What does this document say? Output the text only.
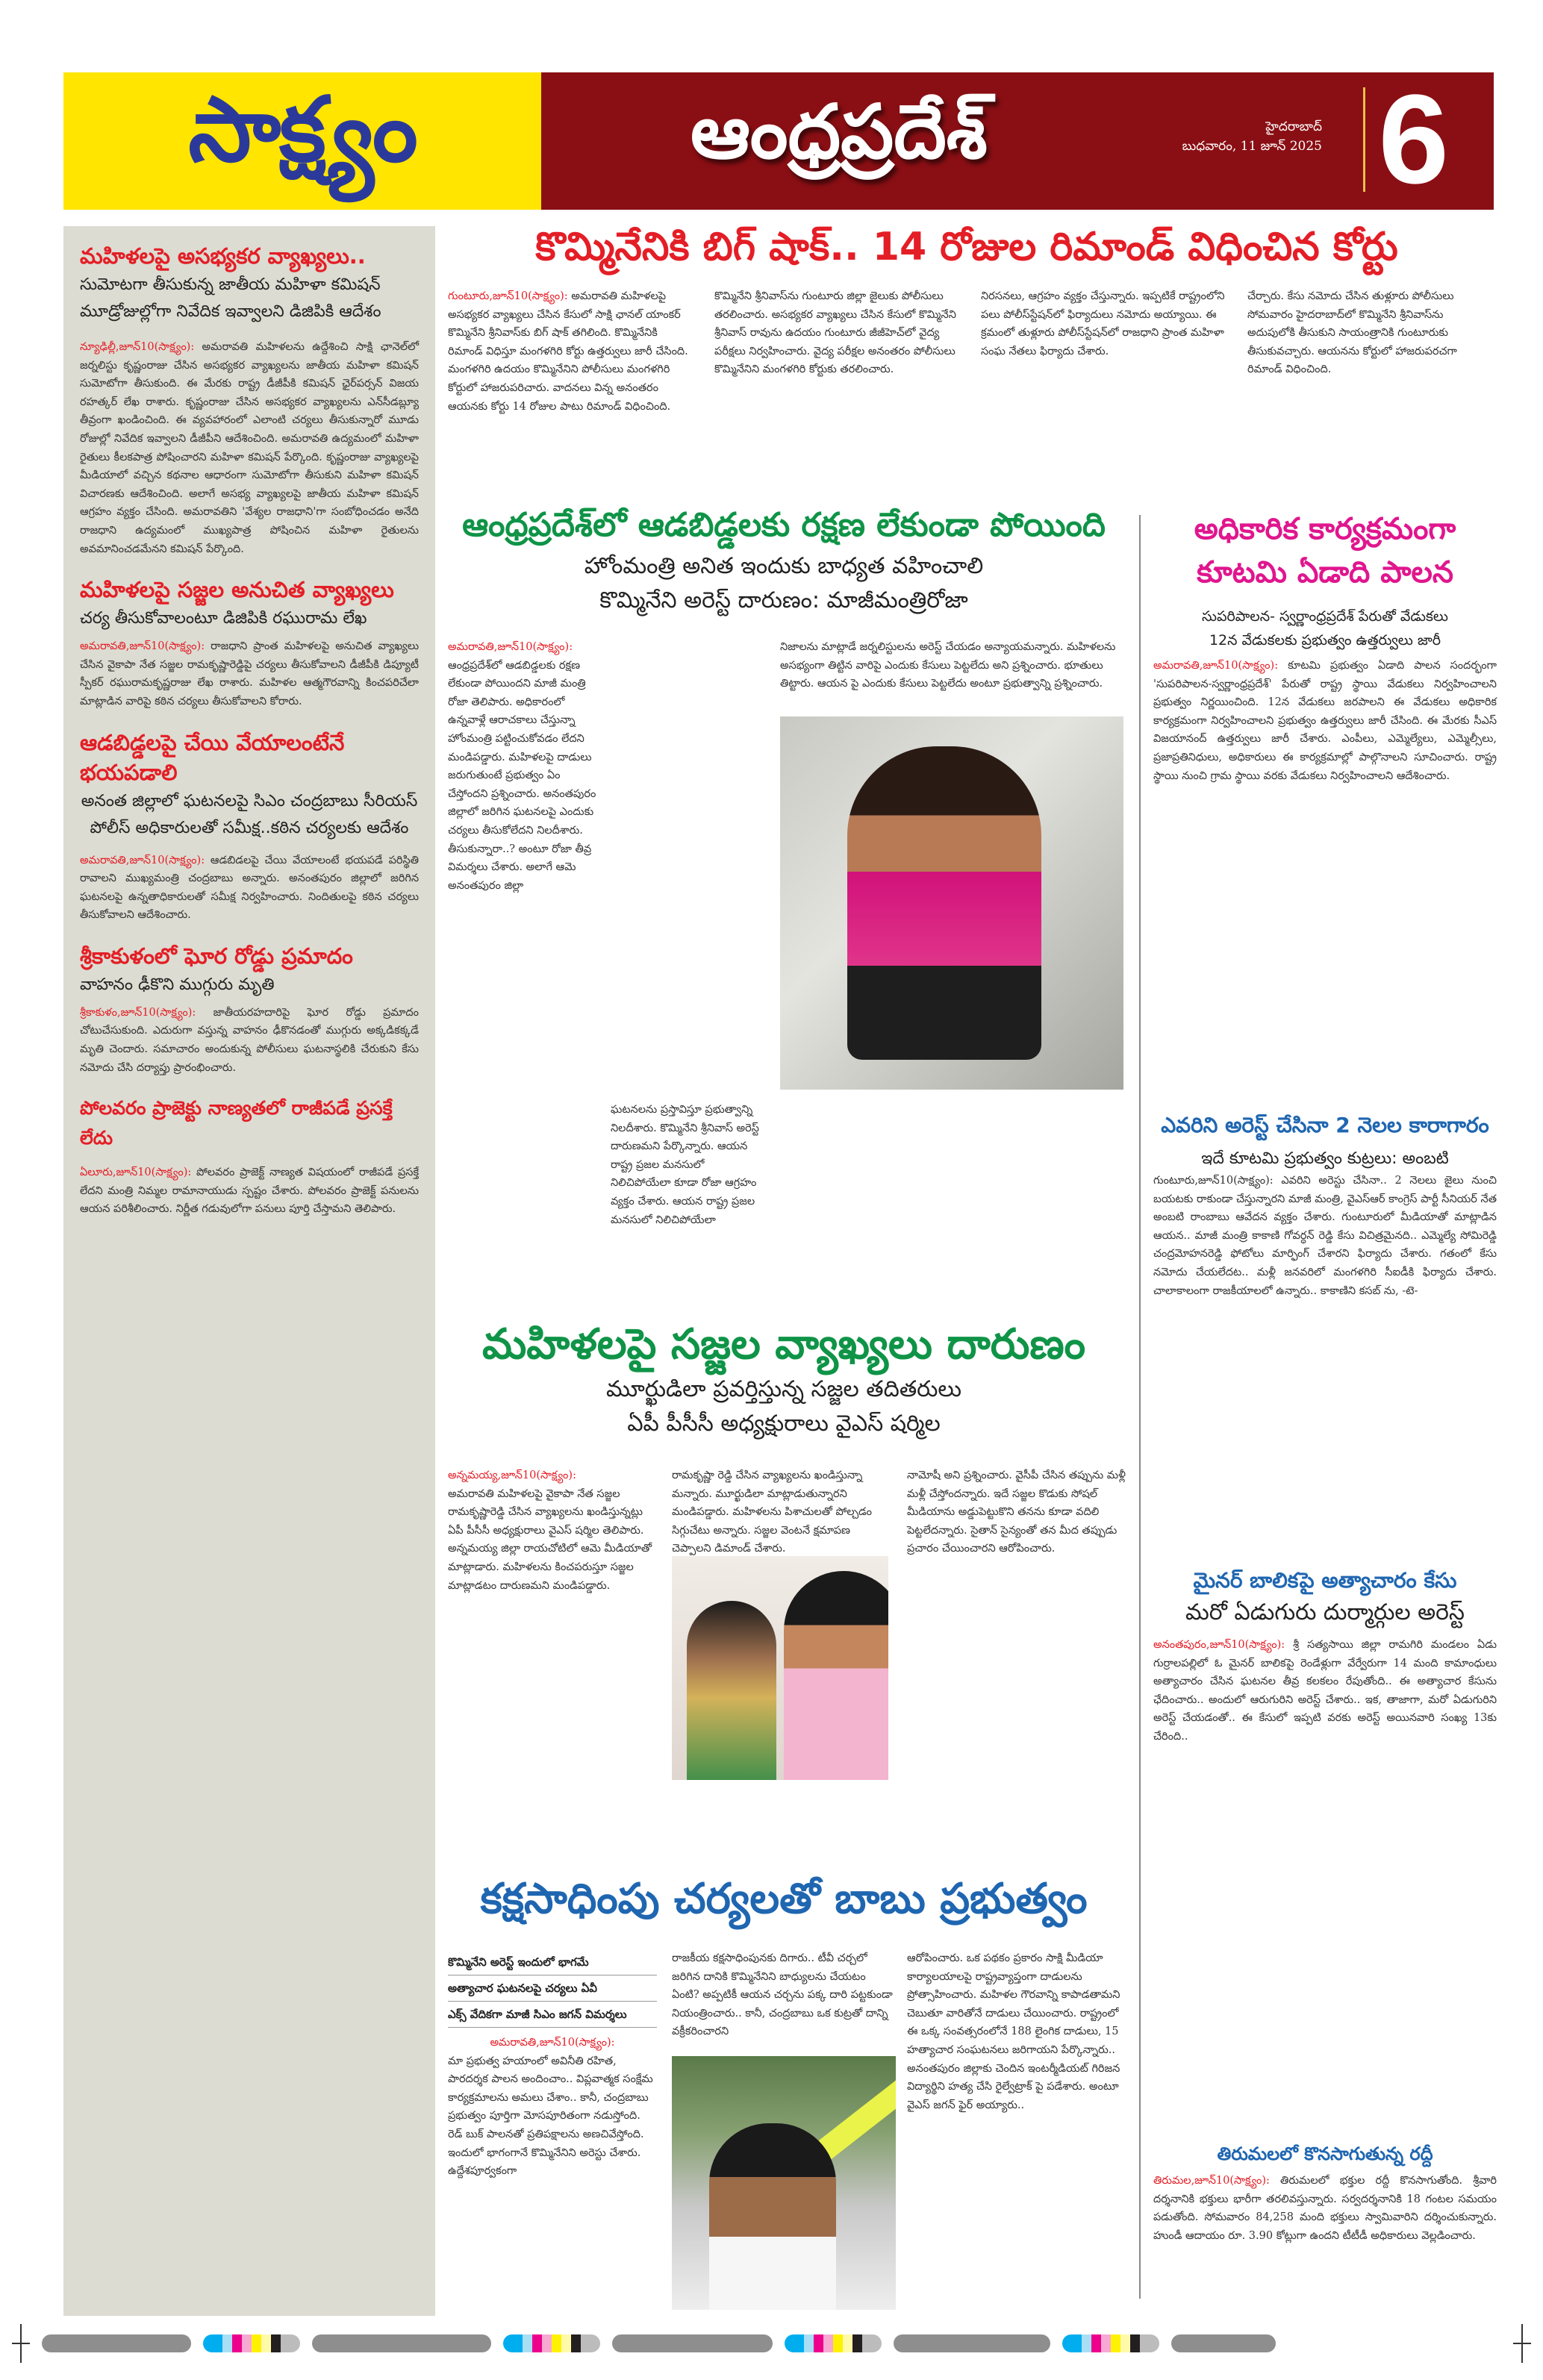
సాక్ష్యం	ఆంధ్రప్రదేశ్	హైదరాబాద్
బుధవారం, 11 జూన్ 2025 6
మహిళలపై అసభ్యకర వ్యాఖ్యలు..
సుమోటగా తీసుకున్న జాతీయ మహిళా కమిషన్
మూడ్రోజుల్లోగా నివేదిక ఇవ్వాలని డిజిపికి ఆదేశం

న్యూఢిల్లీ,జూన్10(సాక్ష్యం): అమరావతి మహిళలను ఉద్దేశించి సాక్షి ఛానెల్‌లో జర్నలిస్టు కృష్ణంరాజు చేసిన అసభ్యకర వ్యాఖ్యలను జాతీయ మహిళా కమిషన్ సుమోటోగా తీసుకుంది. ఈ మేరకు రాష్ట్ర డీజీపీకి కమిషన్ ఛైర్‌పర్సన్ విజయ రహత్కర్ లేఖ రాశారు. కృష్ణంరాజు చేసిన అసభ్యకర వ్యాఖ్యలను ఎన్‌సీడబ్ల్యూ తీవ్రంగా ఖండించింది. ఈ వ్యవహారంలో ఎలాంటి చర్యలు తీసుకున్నారో మూడు రోజుల్లో నివేదిక ఇవ్వాలని డీజీపీని ఆదేశించింది. అమరావతి ఉద్యమంలో మహిళా రైతులు కీలకపాత్ర పోషించారని మహిళా కమిషన్ పేర్కొంది. కృష్ణంరాజు వ్యాఖ్యలపై మీడియాలో వచ్చిన కథనాల ఆధారంగా సుమోటోగా తీసుకుని మహిళా కమిషన్ విచారణకు ఆదేశించింది. అలాగే అసభ్య వ్యాఖ్యలపై జాతీయ మహిళా కమిషన్ ఆగ్రహం వ్యక్తం చేసింది. అమరావతిని 'వేశ్యల రాజధాని'గా సంబోధించడం అనేది రాజధాని ఉద్యమంలో ముఖ్యపాత్ర పోషించిన మహిళా రైతులను అవమానించడమేనని కమిషన్ పేర్కొంది.

మహిళలపై సజ్జల అనుచిత వ్యాఖ్యలు
చర్య తీసుకోవాలంటూ డిజిపికి రఘురామ లేఖ

అమరావతి,జూన్10(సాక్ష్యం): రాజధాని ప్రాంత మహిళలపై అనుచిత వ్యాఖ్యలు చేసిన వైకాపా నేత సజ్జల రామకృష్ణారెడ్డిపై చర్యలు తీసుకోవాలని డీజీపీకి డిప్యూటీ స్పీకర్ రఘురామకృష్ణరాజు లేఖ రాశారు. మహిళల ఆత్మగౌరవాన్ని కించపరిచేలా మాట్లాడిన వారిపై కఠిన చర్యలు తీసుకోవాలని కోరారు.

ఆడబిడ్డలపై చేయి వేయాలంటేనే భయపడాలి
అనంత జిల్లాలో ఘటనలపై సిఎం చంద్రబాబు సీరియస్
పోలీస్ అధికారులతో సమీక్ష..కఠిన చర్యలకు ఆదేశం

అమరావతి,జూన్10(సాక్ష్యం): ఆడబిడలపై చేయి వేయాలంటే భయపడే పరిస్థితి రావాలని ముఖ్యమంత్రి చంద్రబాబు అన్నారు. అనంతపురం జిల్లాలో జరిగిన ఘటనలపై ఉన్నతాధికారులతో సమీక్ష నిర్వహించారు. నిందితులపై కఠిన చర్యలు తీసుకోవాలని ఆదేశించారు.

శ్రీకాకుళంలో ఘోర రోడ్డు ప్రమాదం
వాహనం ఢీకొని ముగ్గురు మృతి

శ్రీకాకుళం,జూన్10(సాక్ష్యం): జాతీయరహదారిపై ఘోర రోడ్డు ప్రమాదం చోటుచేసుకుంది. ఎదురుగా వస్తున్న వాహనం ఢీకొనడంతో ముగ్గురు అక్కడికక్కడే మృతి చెందారు. సమాచారం అందుకున్న పోలీసులు ఘటనాస్థలికి చేరుకుని కేసు నమోదు చేసి దర్యాప్తు ప్రారంభించారు.

పోలవరం ప్రాజెక్టు నాణ్యతలో రాజీపడే ప్రసక్తే లేదు

ఏలూరు,జూన్10(సాక్ష్యం): పోలవరం ప్రాజెక్ట్ నాణ్యత విషయంలో రాజీపడే ప్రసక్తే లేదని మంత్రి నిమ్మల రామానాయుడు స్పష్టం చేశారు. పోలవరం ప్రాజెక్ట్ పనులను ఆయన పరిశీలించారు. నిర్ణీత గడువులోగా పనులు పూర్తి చేస్తామని తెలిపారు.

కొమ్మినేనికి బిగ్ షాక్.. 14 రోజుల రిమాండ్ విధించిన కోర్టు

గుంటూరు,జూన్10(సాక్ష్యం): అమరావతి మహిళలపై అసభ్యకర వ్యాఖ్యలు చేసిన కేసులో సాక్షి ఛానల్ యాంకర్ కొమ్మినేని శ్రీనివాస్‌కు బిగ్ షాక్ తగిలింది. కొమ్మినేనికి రిమాండ్ విధిస్తూ మంగళగిరి కోర్టు ఉత్తర్వులు జారీ చేసింది. మంగళగిరి ఉదయం కొమ్మినేనిని పోలీసులు మంగళగిరి కోర్టులో హాజరుపరిచారు. వాదనలు విన్న అనంతరం ఆయనకు కోర్టు 14 రోజుల పాటు రిమాండ్ విధించింది.

కొమ్మినేని శ్రీనివాస్‌ను గుంటూరు జిల్లా జైలుకు పోలీసులు తరలించారు. అసభ్యకర వ్యాఖ్యలు చేసిన కేసులో కొమ్మినేని శ్రీనివాస్ రావును ఉదయం గుంటూరు జీజీహెచ్‌లో వైద్య పరీక్షలు నిర్వహించారు. వైద్య పరీక్షల అనంతరం పోలీసులు కొమ్మినేనిని మంగళగిరి కోర్టుకు తరలించారు.

నిరసనలు, ఆగ్రహం వ్యక్తం చేస్తున్నారు. ఇప్పటికే రాష్ట్రంలోని పలు పోలీస్‌స్టేషన్‌లో ఫిర్యాదులు నమోదు అయ్యాయి. ఈ క్రమంలో తుళ్లూరు పోలీస్‌స్టేషన్‌లో రాజధాని ప్రాంత మహిళా సంఘ నేతలు ఫిర్యాదు చేశారు.

చేర్చారు. కేసు నమోదు చేసిన తుళ్లూరు పోలీసులు సోమవారం హైదరాబాద్‌లో కొమ్మినేని శ్రీనివాస్‌ను అదుపులోకి తీసుకుని సాయంత్రానికి గుంటూరుకు తీసుకువచ్చారు. ఆయనను కోర్టులో హాజరుపరచగా రిమాండ్ విధించింది.

ఆంధ్రప్రదేశ్‌లో ఆడబిడ్డలకు రక్షణ లేకుండా పోయింది
హోంమంత్రి అనిత ఇందుకు బాధ్యత వహించాలి
కొమ్మినేని అరెస్ట్ దారుణం: మాజీమంత్రిరోజా

అమరావతి,జూన్10(సాక్ష్యం): ఆంధ్రప్రదేశ్‌లో ఆడబిడ్డలకు రక్షణ లేకుండా పోయిందని మాజీ మంత్రి రోజా తెలిపారు. అధికారంలో ఉన్నవాళ్లే ఆరాచకాలు చేస్తున్నా హోంమంత్రి పట్టించుకోవడం లేదని మండిపడ్డారు. మహిళలపై దాడులు జరుగుతుంటే ప్రభుత్వం ఏం చేస్తోందని ప్రశ్నించారు. అనంతపురం జిల్లాలో జరిగిన ఘటనలపై ఎందుకు చర్యలు తీసుకోలేదని నిలదీశారు. తీసుకున్నారా..? అంటూ రోజా తీవ్ర విమర్శలు చేశారు. అలాగే ఆమె అనంతపురం జిల్లా

ఘటనలను ప్రస్తావిస్తూ ప్రభుత్వాన్ని నిలదీశారు. కొమ్మినేని శ్రీనివాస్ అరెస్ట్ దారుణమని పేర్కొన్నారు. ఆయన రాష్ట్ర ప్రజల మనసులో నిలిచిపోయేలా కూడా రోజా ఆగ్రహం వ్యక్తం చేశారు. ఆయన రాష్ట్ర ప్రజల మనసులో నిలిచిపోయేలా

నిజాలను మాట్లాడే జర్నలిస్టులను అరెస్ట్ చేయడం అన్యాయమన్నారు. మహిళలను అసభ్యంగా తిట్టిన వారిపై ఎందుకు కేసులు పెట్టలేదు అని ప్రశ్నించారు. భూతులు తిట్టారు. ఆయన పై ఎందుకు కేసులు పెట్టలేదు అంటూ ప్రభుత్వాన్ని ప్రశ్నించారు.

అధికారిక కార్యక్రమంగా కూటమి ఏడాది పాలన
సుపరిపాలన- స్వర్ణాంధ్రప్రదేశ్ పేరుతో వేడుకలు
12న వేడుకలకు ప్రభుత్వం ఉత్తర్వులు జారీ

అమరావతి,జూన్10(సాక్ష్యం): కూటమి ప్రభుత్వం ఏడాది పాలన సందర్భంగా 'సుపరిపాలన-స్వర్ణాంధ్రప్రదేశ్' పేరుతో రాష్ట్ర స్థాయి వేడుకలు నిర్వహించాలని ప్రభుత్వం నిర్ణయించింది. 12న వేడుకలు జరపాలని ఈ వేడుకలు అధికారిక కార్యక్రమంగా నిర్వహించాలని ప్రభుత్వం ఉత్తర్వులు జారీ చేసింది. ఈ మేరకు సీఎస్ విజయానంద్ ఉత్తర్వులు జారీ చేశారు. ఎంపీలు, ఎమ్మెల్యేలు, ఎమ్మెల్సీలు, ప్రజాప్రతినిధులు, అధికారులు ఈ కార్యక్రమాల్లో పాల్గొనాలని సూచించారు. రాష్ట్ర స్థాయి నుంచి గ్రామ స్థాయి వరకు వేడుకలు నిర్వహించాలని ఆదేశించారు.

ఎవరిని అరెస్ట్ చేసినా 2 నెలల కారాగారం
ఇదే కూటమి ప్రభుత్వం కుట్రలు: అంబటి

గుంటూరు,జూన్10(సాక్ష్యం): ఎవరిని అరెస్టు చేసినా.. 2 నెలలు జైలు నుంచి బయటకు రాకుండా చేస్తున్నారని మాజీ మంత్రి, వైఎస్ఆర్ కాంగ్రెస్ పార్టీ సీనియర్ నేత అంబటి రాంబాబు ఆవేదన వ్యక్తం చేశారు. గుంటూరులో మీడియాతో మాట్లాడిన ఆయన.. మాజీ మంత్రి కాకాణి గోవర్ధన్ రెడ్డి కేసు విచిత్రమైనది.. ఎమ్మెల్యే సోమిరెడ్డి చంద్రమోహనరెడ్డి ఫోటోలు మార్ఫింగ్ చేశారని ఫిర్యాదు చేశారు. గతంలో కేసు నమోదు చేయలేదట.. మళ్లీ జనవరిలో మంగళగిరి సీఐడీకి ఫిర్యాదు చేశారు. చాలాకాలంగా రాజకీయాలలో ఉన్నారు.. కాకాణిని కసబ్ ను, -టె-

మైనర్ బాలికపై అత్యాచారం కేసు
మరో ఏడుగురు దుర్మార్గుల అరెస్ట్

అనంతపురం,జూన్10(సాక్ష్యం): శ్రీ సత్యసాయి జిల్లా రామగిరి మండలం ఏడు గుర్రాలపల్లిలో ఓ మైనర్ బాలికపై రెండేళ్లుగా వేర్వేరుగా 14 మంది కామాంధులు అత్యాచారం చేసిన ఘటనల తీవ్ర కలకలం రేపుతోంది.. ఈ అత్యాచార కేసును ఛేదించారు.. అందులో ఆరుగురిని అరెస్ట్ చేశారు.. ఇక, తాజాగా, మరో ఏడుగురిని అరెస్ట్ చేయడంతో.. ఈ కేసులో ఇప్పటి వరకు అరెస్ట్ అయినవారి సంఖ్య 13కు చేరింది..

తిరుమలలో కొనసాగుతున్న రద్దీ

తిరుమల,జూన్10(సాక్ష్యం): తిరుమలలో భక్తుల రద్దీ కొనసాగుతోంది. శ్రీవారి దర్శనానికి భక్తులు భారీగా తరలివస్తున్నారు. సర్వదర్శనానికి 18 గంటల సమయం పడుతోంది. సోమవారం 84,258 మంది భక్తులు స్వామివారిని దర్శించుకున్నారు. హుండీ ఆదాయం రూ. 3.90 కోట్లుగా ఉందని టీటీడీ అధికారులు వెల్లడించారు.

మహిళలపై సజ్జల వ్యాఖ్యలు దారుణం
మూర్ఖుడిలా ప్రవర్తిస్తున్న సజ్జల తదితరులు
ఏపీ పీసీసీ అధ్యక్షురాలు వైఎస్ షర్మిల

అన్నమయ్య,జూన్10(సాక్ష్యం):
అమరావతి మహిళలపై వైకాపా నేత సజ్జల రామకృష్ణారెడ్డి చేసిన వ్యాఖ్యలను ఖండిస్తున్నట్లు ఏపీ పీసీసీ అధ్యక్షురాలు వైఎస్ షర్మిల తెలిపారు. అన్నమయ్య జిల్లా రాయచోటిలో ఆమె మీడియాతో మాట్లాడారు. మహిళలను కించపరుస్తూ సజ్జల మాట్లాడటం దారుణమని మండిపడ్డారు.

రామకృష్ణా రెడ్డి చేసిన వ్యాఖ్యలను ఖండిస్తున్నా మన్నారు. మూర్ఖుడిలా మాట్లాడుతున్నారని మండిపడ్డారు. మహిళలను పిశాచులతో పోల్చడం సిగ్గుచేటు అన్నారు. సజ్జల వెంటనే క్షమాపణ చెప్పాలని డిమాండ్ చేశారు.

నామోషీ అని ప్రశ్నించారు. వైసీపీ చేసిన తప్పును మళ్లీ మళ్లీ చేస్తోందన్నారు. ఇదే సజ్జల కొడుకు సోషల్ మీడియాను అడ్డుపెట్టుకొని తనను కూడా వదిలి పెట్టలేదన్నారు. సైతాన్ సైన్యంతో తన మీద తప్పుడు ప్రచారం చేయించారని ఆరోపించారు.

కక్షసాధింపు చర్యలతో బాబు ప్రభుత్వం
కొమ్మినేని అరెస్ట్ ఇందులో భాగమే
అత్యాచార ఘటనలపై చర్యలు ఏవీ
ఎక్స్ వేదికగా మాజీ సిఎం జగన్ విమర్శలు

అమరావతి,జూన్10(సాక్ష్యం):
మా ప్రభుత్వ హయాంలో అవినీతి రహిత, పారదర్శక పాలన అందించాం.. విప్లవాత్మక సంక్షేమ కార్యక్రమాలను అమలు చేశాం.. కానీ, చంద్రబాబు ప్రభుత్వం పూర్తిగా మోసపూరితంగా నడుస్తోంది. రెడ్ బుక్ పాలనతో ప్రతిపక్షాలను అణచివేస్తోంది. ఇందులో భాగంగానే కొమ్మినేనిని అరెస్టు చేశారు. ఉద్దేశపూర్వకంగా

రాజకీయ కక్షసాధింపునకు దిగారు.. టీవీ చర్చలో జరిగిన దానికి కొమ్మినేనిని బాధ్యులను చేయటం ఏంటి? అప్పటికీ ఆయన చర్చను పక్క దారి పట్టకుండా నియంత్రించారు.. కానీ, చంద్రబాబు ఒక కుట్రతో దాన్ని వక్రీకరించారని

ఆరోపించారు. ఒక పథకం ప్రకారం సాక్షి మీడియా కార్యాలయాలపై రాష్ట్రవ్యాప్తంగా దాడులను ప్రోత్సాహించారు. మహిళల గౌరవాన్ని కాపాడతామని చెబుతూ వారితోనే దాడులు చేయించారు. రాష్ట్రంలో ఈ ఒక్క సంవత్సరంలోనే 188 లైంగిక దాడులు, 15 హత్యాచార సంఘటనలు జరిగాయని పేర్కొన్నారు.. అనంతపురం జిల్లాకు చెందిన ఇంటర్మీడియట్ గిరిజన విద్యార్థిని హత్య చేసి రైల్వేట్రాక్ పై పడేశారు. అంటూ వైఎస్ జగన్ ఫైర్ అయ్యారు..
